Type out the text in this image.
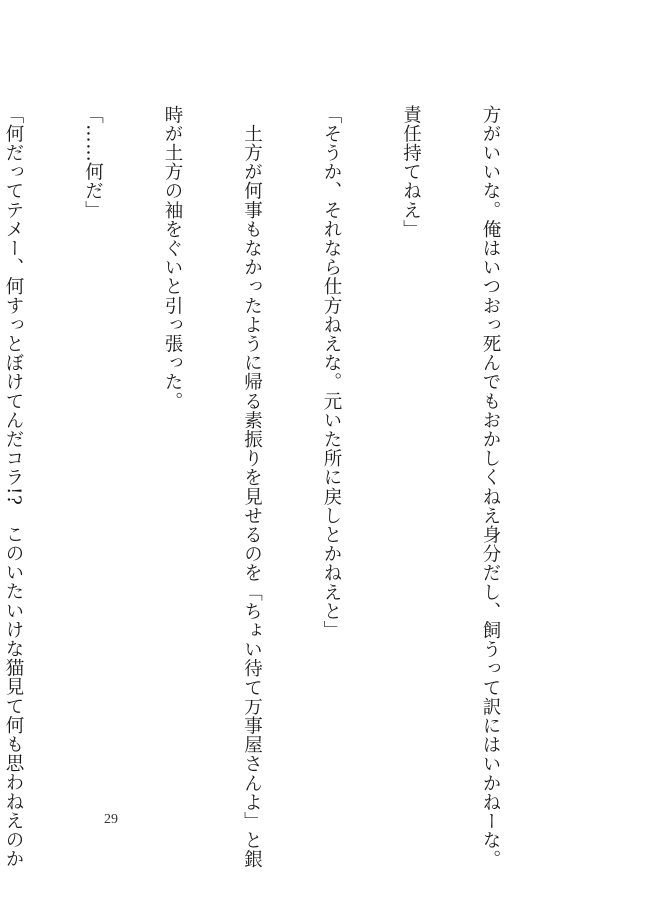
方がいいな。俺はいつおっ死んでもおかしくねえ身分だし、飼うって訳にはいかねーな。

責任持てねえ」

「そうか、それなら仕方ねえな。元いた所に戻しとかねえと」

　土方が何事もなかったように帰る素振りを見せるのを「ちょい待て万事屋さんよ」と銀

時が土方の袖をぐいと引っ張った。

「……何だ」

「何だってテメー、何すっとぼけてんだコラ!?　このいたいけな猫見て何も思わねえのか

	29
